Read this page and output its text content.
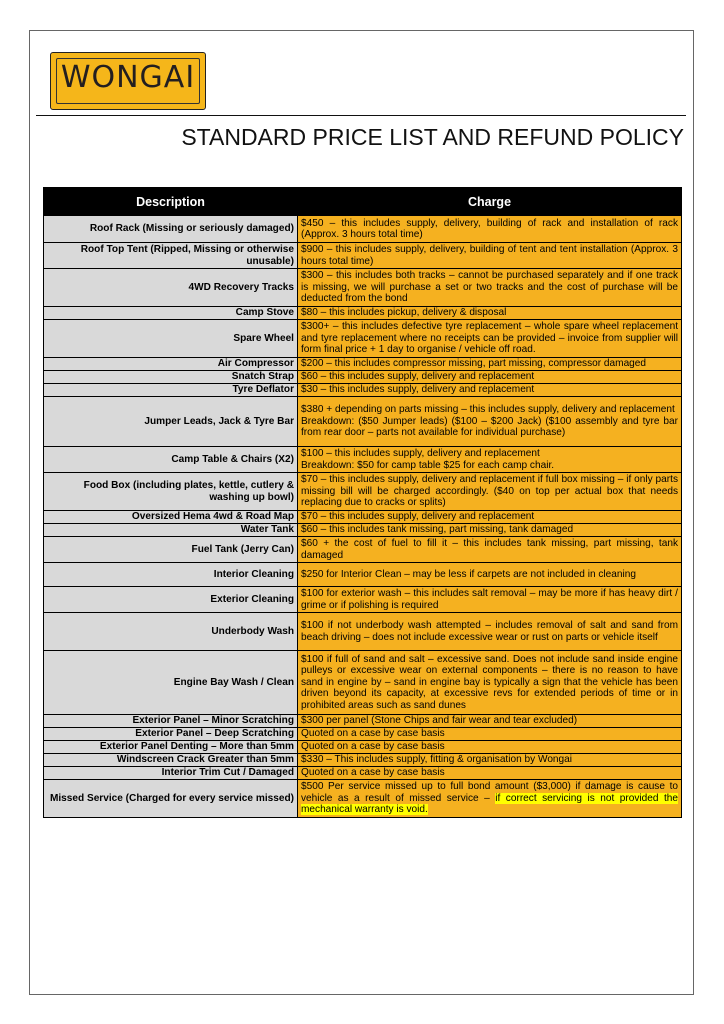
WONGAI
STANDARD PRICE LIST AND REFUND POLICY
Description	Charge
Roof Rack (Missing or seriously damaged)	$450 – this includes supply, delivery, building of rack and installation of rack (Approx. 3 hours total time)
Roof Top Tent (Ripped, Missing or otherwise unusable)	$900 – this includes supply, delivery, building of tent and tent installation (Approx. 3 hours total time)
4WD Recovery Tracks	$300 – this includes both tracks – cannot be purchased separately and if one track is missing, we will purchase a set or two tracks and the cost of purchase will be deducted from the bond
Camp Stove	$80 – this includes pickup, delivery & disposal
Spare Wheel	$300+ – this includes defective tyre replacement – whole spare wheel replacement and tyre replacement where no receipts can be provided – invoice from supplier will form final price + 1 day to organise / vehicle off road.
Air Compressor	$200 – this includes compressor missing, part missing, compressor damaged
Snatch Strap	$60 – this includes supply, delivery and replacement
Tyre Deflator	$30 – this includes supply, delivery and replacement
Jumper Leads, Jack & Tyre Bar	$380 + depending on parts missing – this includes supply, delivery and replacement
Breakdown: ($50 Jumper leads) ($100 – $200 Jack) ($100 assembly and tyre bar from rear door – parts not available for individual purchase)
Camp Table & Chairs (X2)	$100 – this includes supply, delivery and replacement
Breakdown: $50 for camp table $25 for each camp chair.
Food Box (including plates, kettle, cutlery & washing up bowl)	$70 – this includes supply, delivery and replacement if full box missing – if only parts missing bill will be charged accordingly. ($40 on top per actual box that needs replacing due to cracks or splits)
Oversized Hema 4wd & Road Map	$70 – this includes supply, delivery and replacement
Water Tank	$60 – this includes tank missing, part missing, tank damaged
Fuel Tank (Jerry Can)	$60 + the cost of fuel to fill it – this includes tank missing, part missing, tank damaged
Interior Cleaning	$250 for Interior Clean – may be less if carpets are not included in cleaning
Exterior Cleaning	$100 for exterior wash – this includes salt removal – may be more if has heavy dirt / grime or if polishing is required
Underbody Wash	$100 if not underbody wash attempted – includes removal of salt and sand from beach driving – does not include excessive wear or rust on parts or vehicle itself
Engine Bay Wash / Clean	$100 if full of sand and salt – excessive sand. Does not include sand inside engine pulleys or excessive wear on external components – there is no reason to have sand in engine by – sand in engine bay is typically a sign that the vehicle has been driven beyond its capacity, at excessive revs for extended periods of time or in prohibited areas such as sand dunes
Exterior Panel – Minor Scratching	$300 per panel (Stone Chips and fair wear and tear excluded)
Exterior Panel – Deep Scratching	Quoted on a case by case basis
Exterior Panel Denting – More than 5mm	Quoted on a case by case basis
Windscreen Crack Greater than 5mm	$330 – This includes supply, fitting & organisation by Wongai
Interior Trim Cut / Damaged	Quoted on a case by case basis
Missed Service (Charged for every service missed)	$500 Per service missed up to full bond amount ($3,000) if damage is cause to vehicle as a result of missed service – if correct servicing is not provided the mechanical warranty is void.
